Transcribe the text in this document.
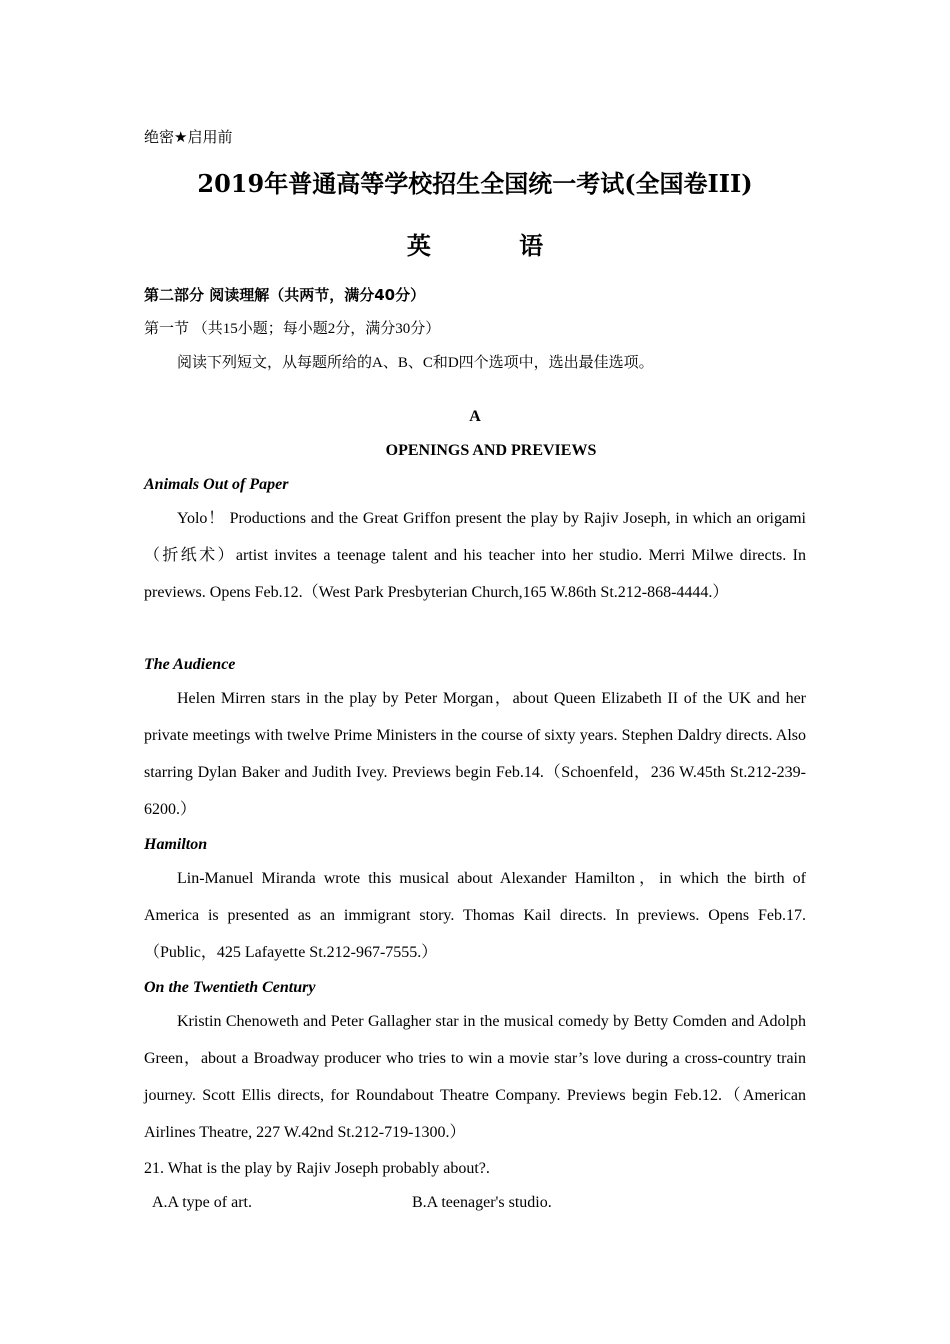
绝密★启用前
2019年普通高等学校招生全国统一考试(全国卷III)
英 语
第二部分 阅读理解（共两节，满分40分）
第一节 （共15小题；每小题2分，满分30分）
阅读下列短文，从每题所给的A、B、C和D四个选项中，选出最佳选项。
A
OPENINGS AND PREVIEWS
Animals Out of Paper
Yolo！ Productions and the Great Griffon present the play by Rajiv Joseph, in which an origami（折纸术）artist invites a teenage talent and his teacher into her studio. Merri Milwe directs. In previews. Opens Feb.12.（West Park Presbyterian Church,165 W.86th St.212-868-4444.）
The Audience
Helen Mirren stars in the play by Peter Morgan，about Queen Elizabeth II of the UK and her private meetings with twelve Prime Ministers in the course of sixty years. Stephen Daldry directs. Also starring Dylan Baker and Judith Ivey. Previews begin Feb.14.（Schoenfeld，236 W.45th St.212-239-6200.）
Hamilton
Lin-Manuel Miranda wrote this musical about Alexander Hamilton，in which the birth of America is presented as an immigrant story. Thomas Kail directs. In previews. Opens Feb.17.（Public，425 Lafayette St.212-967-7555.）
On the Twentieth Century
Kristin Chenoweth and Peter Gallagher star in the musical comedy by Betty Comden and Adolph Green，about a Broadway producer who tries to win a movie star’s love during a cross-country train journey. Scott Ellis directs, for Roundabout Theatre Company. Previews begin Feb.12.（American Airlines Theatre, 227 W.42nd St.212-719-1300.）
21. What is the play by Rajiv Joseph probably about?.
A.A type of art.	B.A teenager's studio.
